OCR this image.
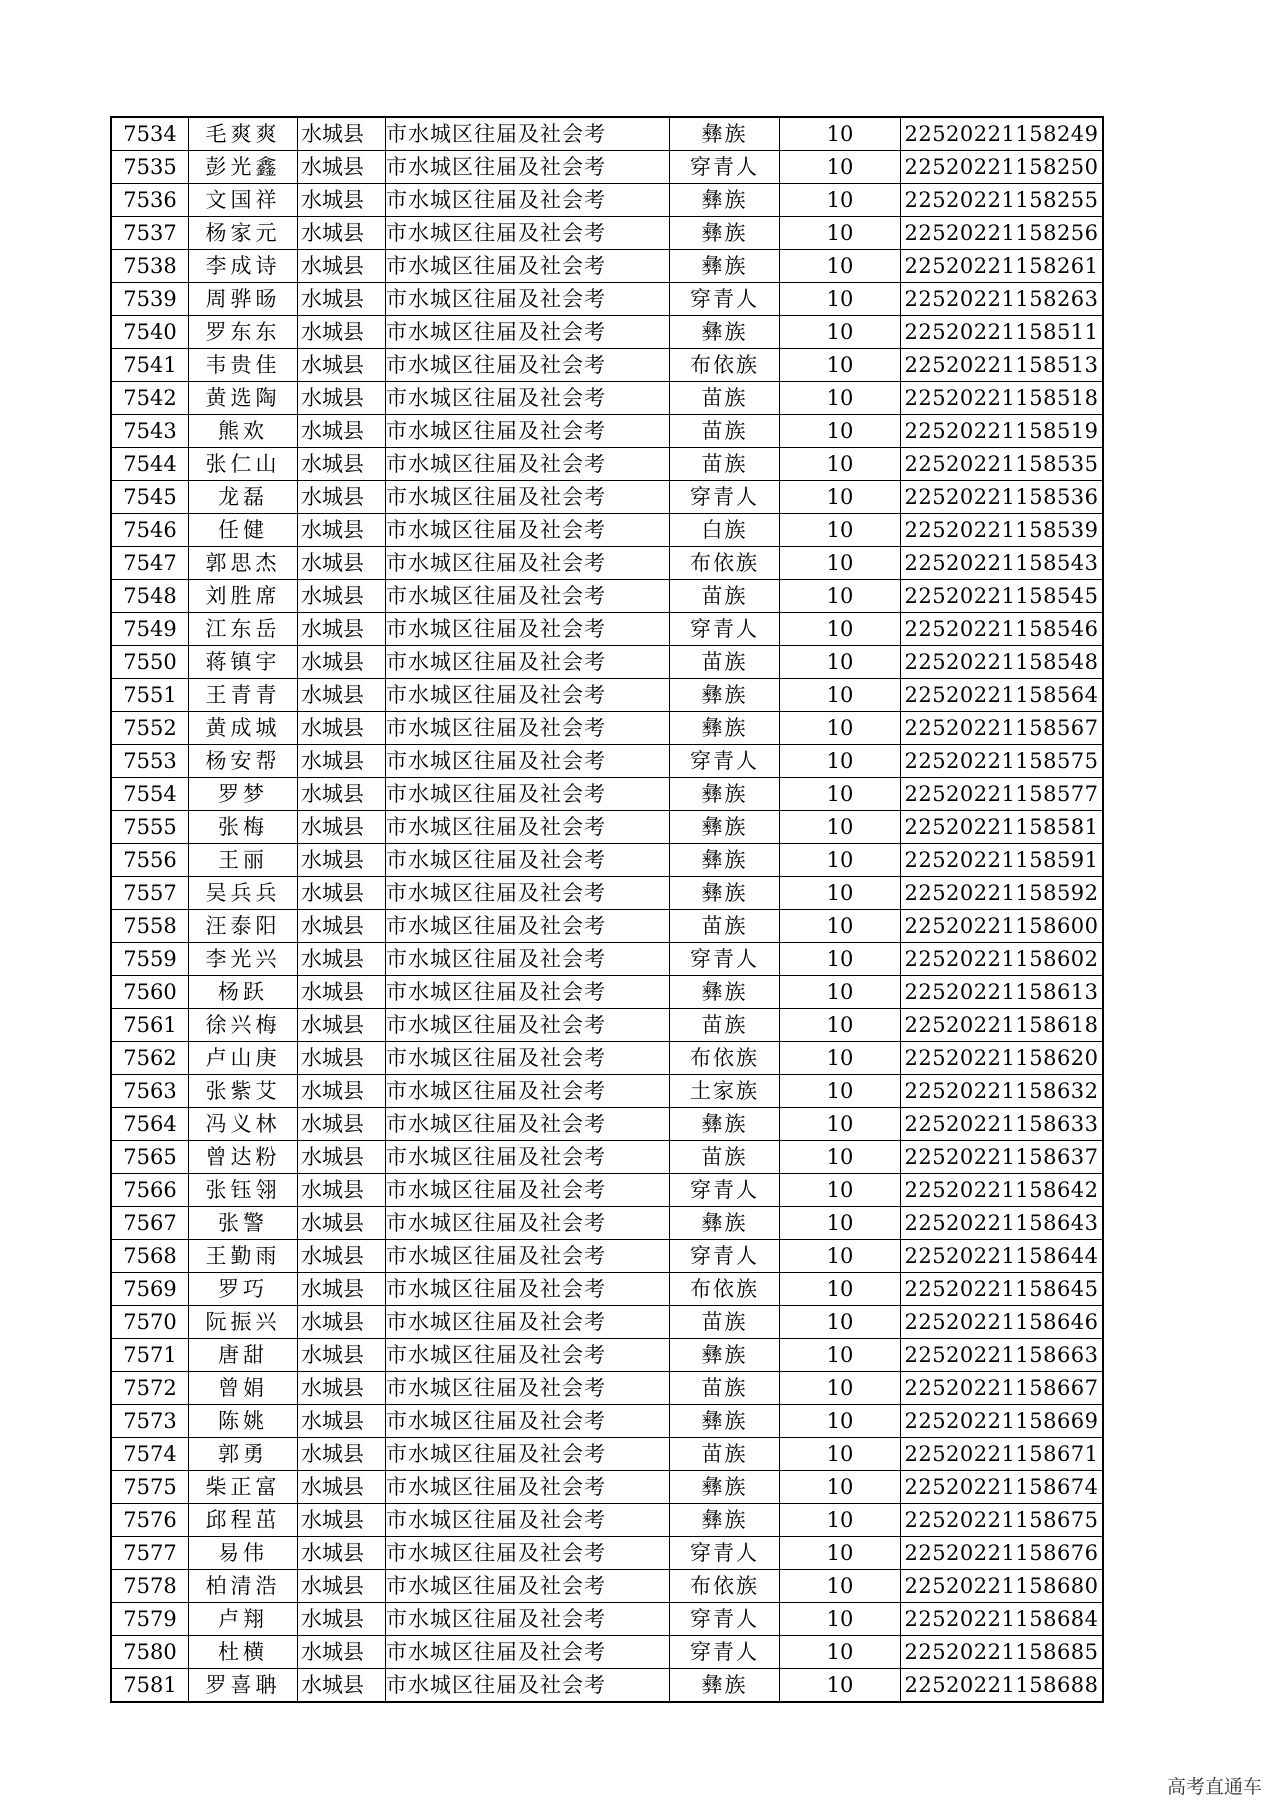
7534	毛爽爽	水城县	市水城区往届及社会考	彝族	10	22520221158249
7535	彭光鑫	水城县	市水城区往届及社会考	穿青人	10	22520221158250
7536	文国祥	水城县	市水城区往届及社会考	彝族	10	22520221158255
7537	杨家元	水城县	市水城区往届及社会考	彝族	10	22520221158256
7538	李成诗	水城县	市水城区往届及社会考	彝族	10	22520221158261
7539	周骅旸	水城县	市水城区往届及社会考	穿青人	10	22520221158263
7540	罗东东	水城县	市水城区往届及社会考	彝族	10	22520221158511
7541	韦贵佳	水城县	市水城区往届及社会考	布依族	10	22520221158513
7542	黄选陶	水城县	市水城区往届及社会考	苗族	10	22520221158518
7543	熊欢	水城县	市水城区往届及社会考	苗族	10	22520221158519
7544	张仁山	水城县	市水城区往届及社会考	苗族	10	22520221158535
7545	龙磊	水城县	市水城区往届及社会考	穿青人	10	22520221158536
7546	任健	水城县	市水城区往届及社会考	白族	10	22520221158539
7547	郭思杰	水城县	市水城区往届及社会考	布依族	10	22520221158543
7548	刘胜席	水城县	市水城区往届及社会考	苗族	10	22520221158545
7549	江东岳	水城县	市水城区往届及社会考	穿青人	10	22520221158546
7550	蒋镇宇	水城县	市水城区往届及社会考	苗族	10	22520221158548
7551	王青青	水城县	市水城区往届及社会考	彝族	10	22520221158564
7552	黄成城	水城县	市水城区往届及社会考	彝族	10	22520221158567
7553	杨安帮	水城县	市水城区往届及社会考	穿青人	10	22520221158575
7554	罗梦	水城县	市水城区往届及社会考	彝族	10	22520221158577
7555	张梅	水城县	市水城区往届及社会考	彝族	10	22520221158581
7556	王丽	水城县	市水城区往届及社会考	彝族	10	22520221158591
7557	吴兵兵	水城县	市水城区往届及社会考	彝族	10	22520221158592
7558	汪泰阳	水城县	市水城区往届及社会考	苗族	10	22520221158600
7559	李光兴	水城县	市水城区往届及社会考	穿青人	10	22520221158602
7560	杨跃	水城县	市水城区往届及社会考	彝族	10	22520221158613
7561	徐兴梅	水城县	市水城区往届及社会考	苗族	10	22520221158618
7562	卢山庚	水城县	市水城区往届及社会考	布依族	10	22520221158620
7563	张紫艾	水城县	市水城区往届及社会考	土家族	10	22520221158632
7564	冯义林	水城县	市水城区往届及社会考	彝族	10	22520221158633
7565	曾达粉	水城县	市水城区往届及社会考	苗族	10	22520221158637
7566	张钰翎	水城县	市水城区往届及社会考	穿青人	10	22520221158642
7567	张警	水城县	市水城区往届及社会考	彝族	10	22520221158643
7568	王勤雨	水城县	市水城区往届及社会考	穿青人	10	22520221158644
7569	罗巧	水城县	市水城区往届及社会考	布依族	10	22520221158645
7570	阮振兴	水城县	市水城区往届及社会考	苗族	10	22520221158646
7571	唐甜	水城县	市水城区往届及社会考	彝族	10	22520221158663
7572	曾娟	水城县	市水城区往届及社会考	苗族	10	22520221158667
7573	陈姚	水城县	市水城区往届及社会考	彝族	10	22520221158669
7574	郭勇	水城县	市水城区往届及社会考	苗族	10	22520221158671
7575	柴正富	水城县	市水城区往届及社会考	彝族	10	22520221158674
7576	邱程茁	水城县	市水城区往届及社会考	彝族	10	22520221158675
7577	易伟	水城县	市水城区往届及社会考	穿青人	10	22520221158676
7578	柏清浩	水城县	市水城区往届及社会考	布依族	10	22520221158680
7579	卢翔	水城县	市水城区往届及社会考	穿青人	10	22520221158684
7580	杜横	水城县	市水城区往届及社会考	穿青人	10	22520221158685
7581	罗喜聃	水城县	市水城区往届及社会考	彝族	10	22520221158688
高考直通车
